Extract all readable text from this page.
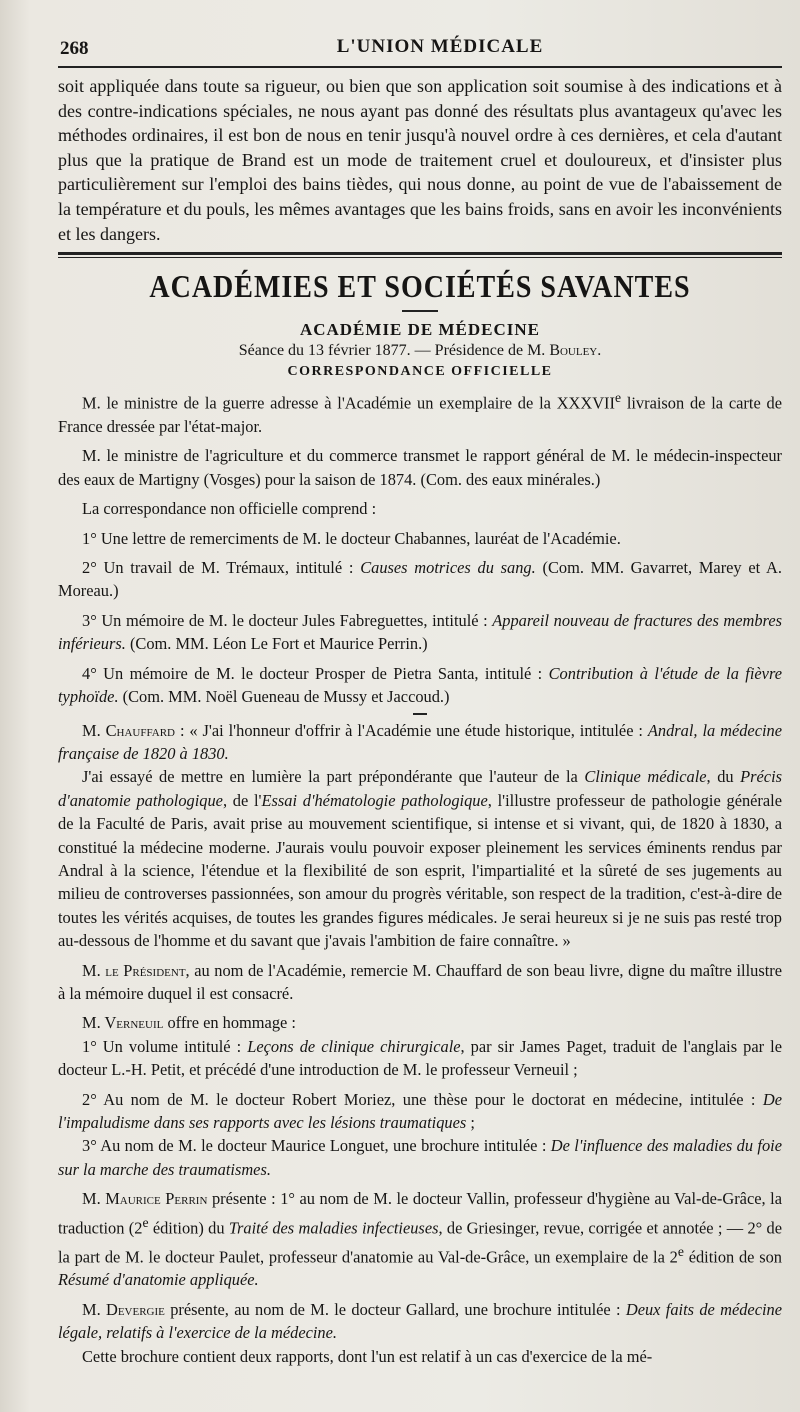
268	L'UNION MÉDICALE

soit appliquée dans toute sa rigueur, ou bien que son application soit soumise à des indications et à des contre-indications spéciales, ne nous ayant pas donné des résultats plus avantageux qu'avec les méthodes ordinaires, il est bon de nous en tenir jusqu'à nouvel ordre à ces dernières, et cela d'autant plus que la pratique de Brand est un mode de traitement cruel et douloureux, et d'insister plus particulièrement sur l'emploi des bains tièdes, qui nous donne, au point de vue de l'abaissement de la température et du pouls, les mêmes avantages que les bains froids, sans en avoir les inconvénients et les dangers.

ACADÉMIES ET SOCIÉTÉS SAVANTES
ACADÉMIE DE MÉDECINE
Séance du 13 février 1877. — Présidence de M. Bouley.
CORRESPONDANCE OFFICIELLE

M. le ministre de la guerre adresse à l'Académie un exemplaire de la XXXVIIe livraison de la carte de France dressée par l'état-major.

M. le ministre de l'agriculture et du commerce transmet le rapport général de M. le médecin-inspecteur des eaux de Martigny (Vosges) pour la saison de 1874. (Com. des eaux minérales.)

La correspondance non officielle comprend :

1° Une lettre de remerciments de M. le docteur Chabannes, lauréat de l'Académie.

2° Un travail de M. Trémaux, intitulé : Causes motrices du sang. (Com. MM. Gavarret, Marey et A. Moreau.)

3° Un mémoire de M. le docteur Jules Fabreguettes, intitulé : Appareil nouveau de fractures des membres inférieurs. (Com. MM. Léon Le Fort et Maurice Perrin.)

4° Un mémoire de M. le docteur Prosper de Pietra Santa, intitulé : Contribution à l'étude de la fièvre typhoïde. (Com. MM. Noël Gueneau de Mussy et Jaccoud.)

M. Chauffard : « J'ai l'honneur d'offrir à l'Académie une étude historique, intitulée : Andral, la médecine française de 1820 à 1830.

J'ai essayé de mettre en lumière la part prépondérante que l'auteur de la Clinique médicale, du Précis d'anatomie pathologique, de l'Essai d'hématologie pathologique, l'illustre professeur de pathologie générale de la Faculté de Paris, avait prise au mouvement scientifique, si intense et si vivant, qui, de 1820 à 1830, a constitué la médecine moderne. J'aurais voulu pouvoir exposer pleinement les services éminents rendus par Andral à la science, l'étendue et la flexibilité de son esprit, l'impartialité et la sûreté de ses jugements au milieu de controverses passionnées, son amour du progrès véritable, son respect de la tradition, c'est-à-dire de toutes les vérités acquises, de toutes les grandes figures médicales. Je serai heureux si je ne suis pas resté trop au-dessous de l'homme et du savant que j'avais l'ambition de faire connaître. »

M. le Président, au nom de l'Académie, remercie M. Chauffard de son beau livre, digne du maître illustre à la mémoire duquel il est consacré.

M. Verneuil offre en hommage :

1° Un volume intitulé : Leçons de clinique chirurgicale, par sir James Paget, traduit de l'anglais par le docteur L.-H. Petit, et précédé d'une introduction de M. le professeur Verneuil ;

2° Au nom de M. le docteur Robert Moriez, une thèse pour le doctorat en médecine, intitulée : De l'impaludisme dans ses rapports avec les lésions traumatiques ;

3° Au nom de M. le docteur Maurice Longuet, une brochure intitulée : De l'influence des maladies du foie sur la marche des traumatismes.

M. Maurice Perrin présente : 1° au nom de M. le docteur Vallin, professeur d'hygiène au Val-de-Grâce, la traduction (2e édition) du Traité des maladies infectieuses, de Griesinger, revue, corrigée et annotée ; — 2° de la part de M. le docteur Paulet, professeur d'anatomie au Val-de-Grâce, un exemplaire de la 2e édition de son Résumé d'anatomie appliquée.

M. Devergie présente, au nom de M. le docteur Gallard, une brochure intitulée : Deux faits de médecine légale, relatifs à l'exercice de la médecine.

Cette brochure contient deux rapports, dont l'un est relatif à un cas d'exercice de la mé-
